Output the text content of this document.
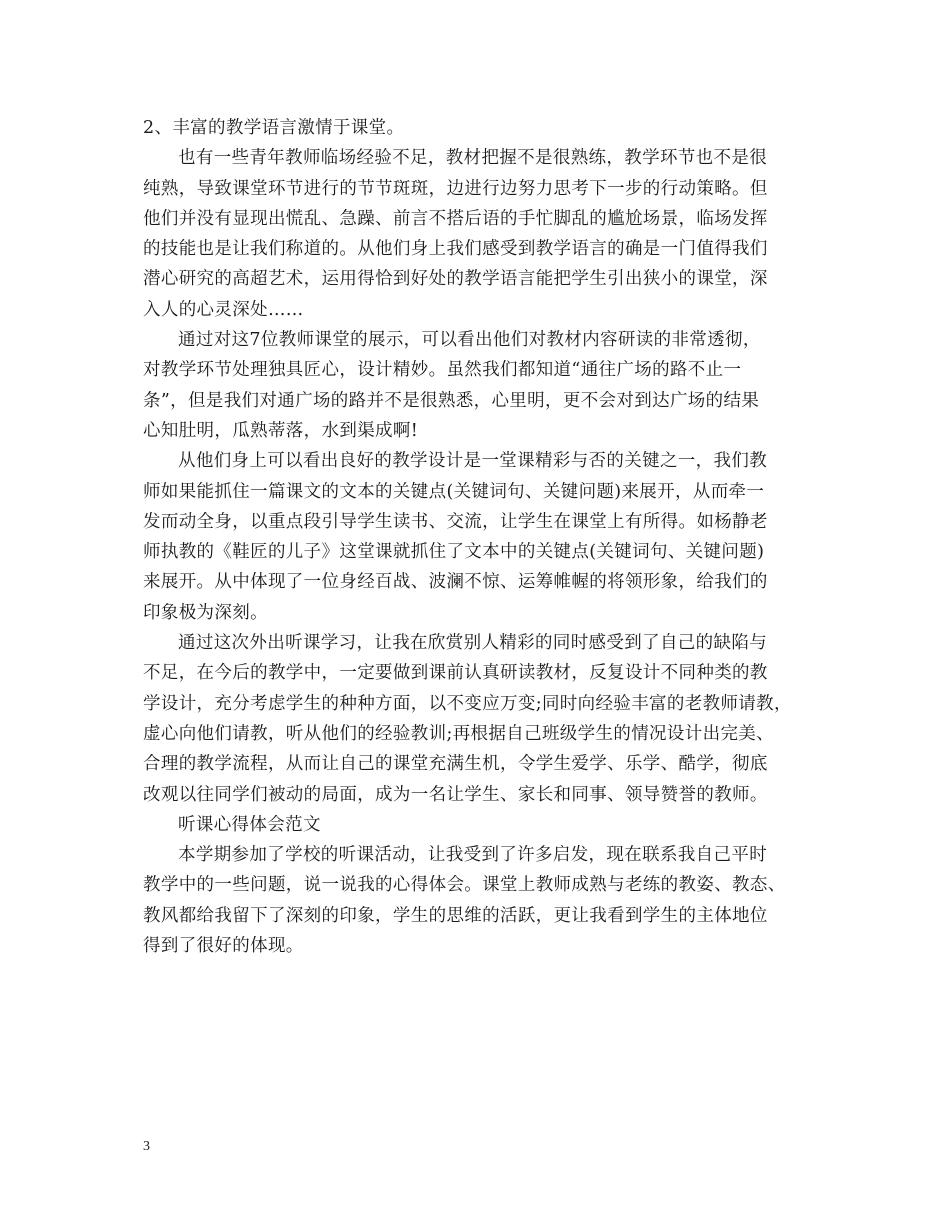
2、丰富的教学语言激情于课堂。
也有一些青年教师临场经验不足，教材把握不是很熟练，教学环节也不是很
纯熟，导致课堂环节进行的节节斑斑，边进行边努力思考下一步的行动策略。但
他们并没有显现出慌乱、急躁、前言不搭后语的手忙脚乱的尴尬场景，临场发挥
的技能也是让我们称道的。从他们身上我们感受到教学语言的确是一门值得我们
潜心研究的高超艺术，运用得恰到好处的教学语言能把学生引出狭小的课堂，深
入人的心灵深处……
通过对这7位教师课堂的展示，可以看出他们对教材内容研读的非常透彻，
对教学环节处理独具匠心，设计精妙。虽然我们都知道“通往广场的路不止一
条”，但是我们对通广场的路并不是很熟悉，心里明，更不会对到达广场的结果
心知肚明，瓜熟蒂落，水到渠成啊!
从他们身上可以看出良好的教学设计是一堂课精彩与否的关键之一，我们教
师如果能抓住一篇课文的文本的关键点(关键词句、关键问题)来展开，从而牵一
发而动全身，以重点段引导学生读书、交流，让学生在课堂上有所得。如杨静老
师执教的《鞋匠的儿子》这堂课就抓住了文本中的关键点(关键词句、关键问题)
来展开。从中体现了一位身经百战、波澜不惊、运筹帷幄的将领形象，给我们的
印象极为深刻。
通过这次外出听课学习，让我在欣赏别人精彩的同时感受到了自己的缺陷与
不足，在今后的教学中，一定要做到课前认真研读教材，反复设计不同种类的教
学设计，充分考虑学生的种种方面，以不变应万变;同时向经验丰富的老教师请教，
虚心向他们请教，听从他们的经验教训;再根据自己班级学生的情况设计出完美、
合理的教学流程，从而让自己的课堂充满生机，令学生爱学、乐学、酷学，彻底
改观以往同学们被动的局面，成为一名让学生、家长和同事、领导赞誉的教师。
听课心得体会范文
本学期参加了学校的听课活动，让我受到了许多启发，现在联系我自己平时
教学中的一些问题，说一说我的心得体会。课堂上教师成熟与老练的教姿、教态、
教风都给我留下了深刻的印象，学生的思维的活跃，更让我看到学生的主体地位
得到了很好的体现。
3
